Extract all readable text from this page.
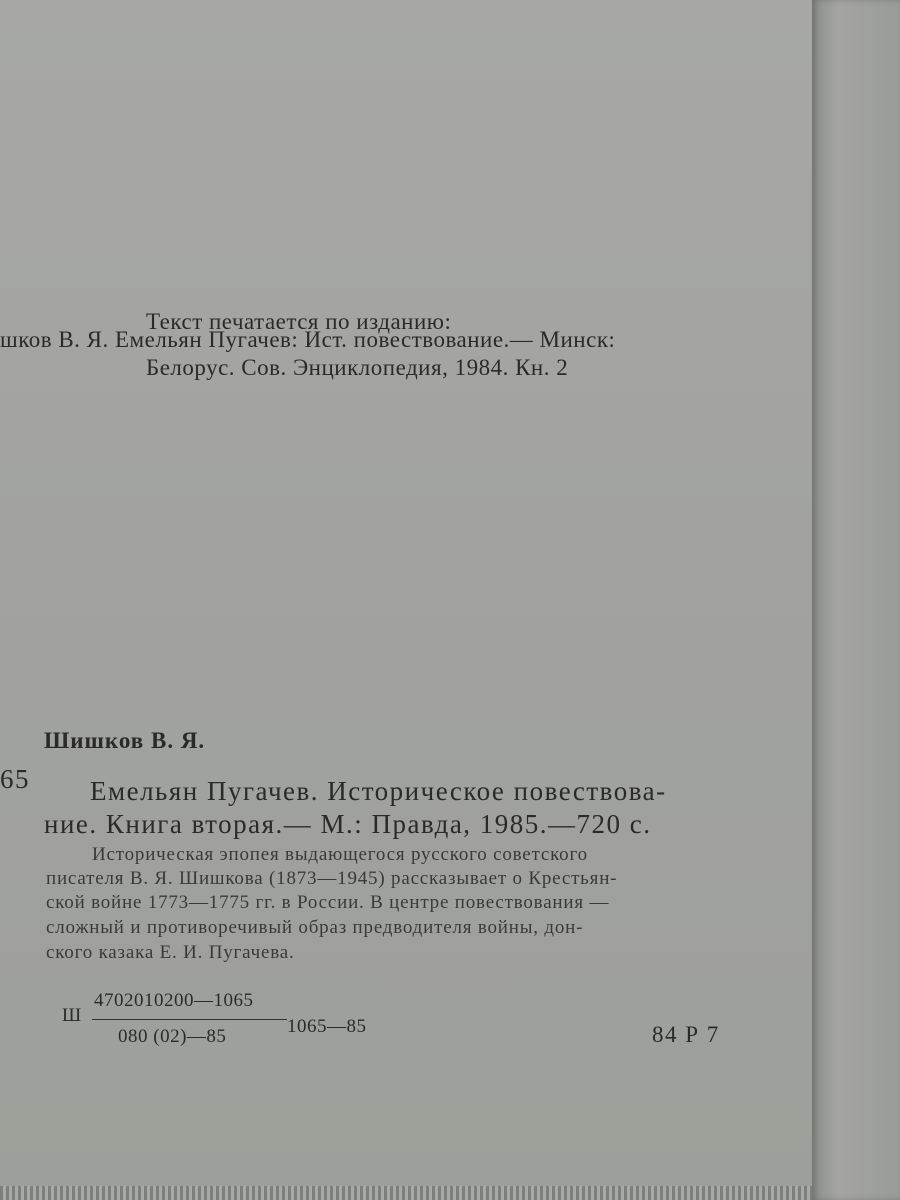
Текст печатается по изданию:
шков В. Я. Емельян Пугачев: Ист. повествование.— Минск:
Белорус. Сов. Энциклопедия, 1984. Кн. 2
Шишков В. Я.
65 Емельян Пугачев. Историческое повествова-
ние. Книга вторая.— М.: Правда, 1985.—720 с.
Историческая эпопея выдающегося русского советского
писателя В. Я. Шишкова (1873—1945) рассказывает о Крестьян-
ской войне 1773—1775 гг. в России. В центре повествования —
сложный и противоречивый образ предводителя войны, дон-
ского казака Е. И. Пугачева.
Ш
4702010200—1065
080 (02)—85	1065—85	84 Р 7
